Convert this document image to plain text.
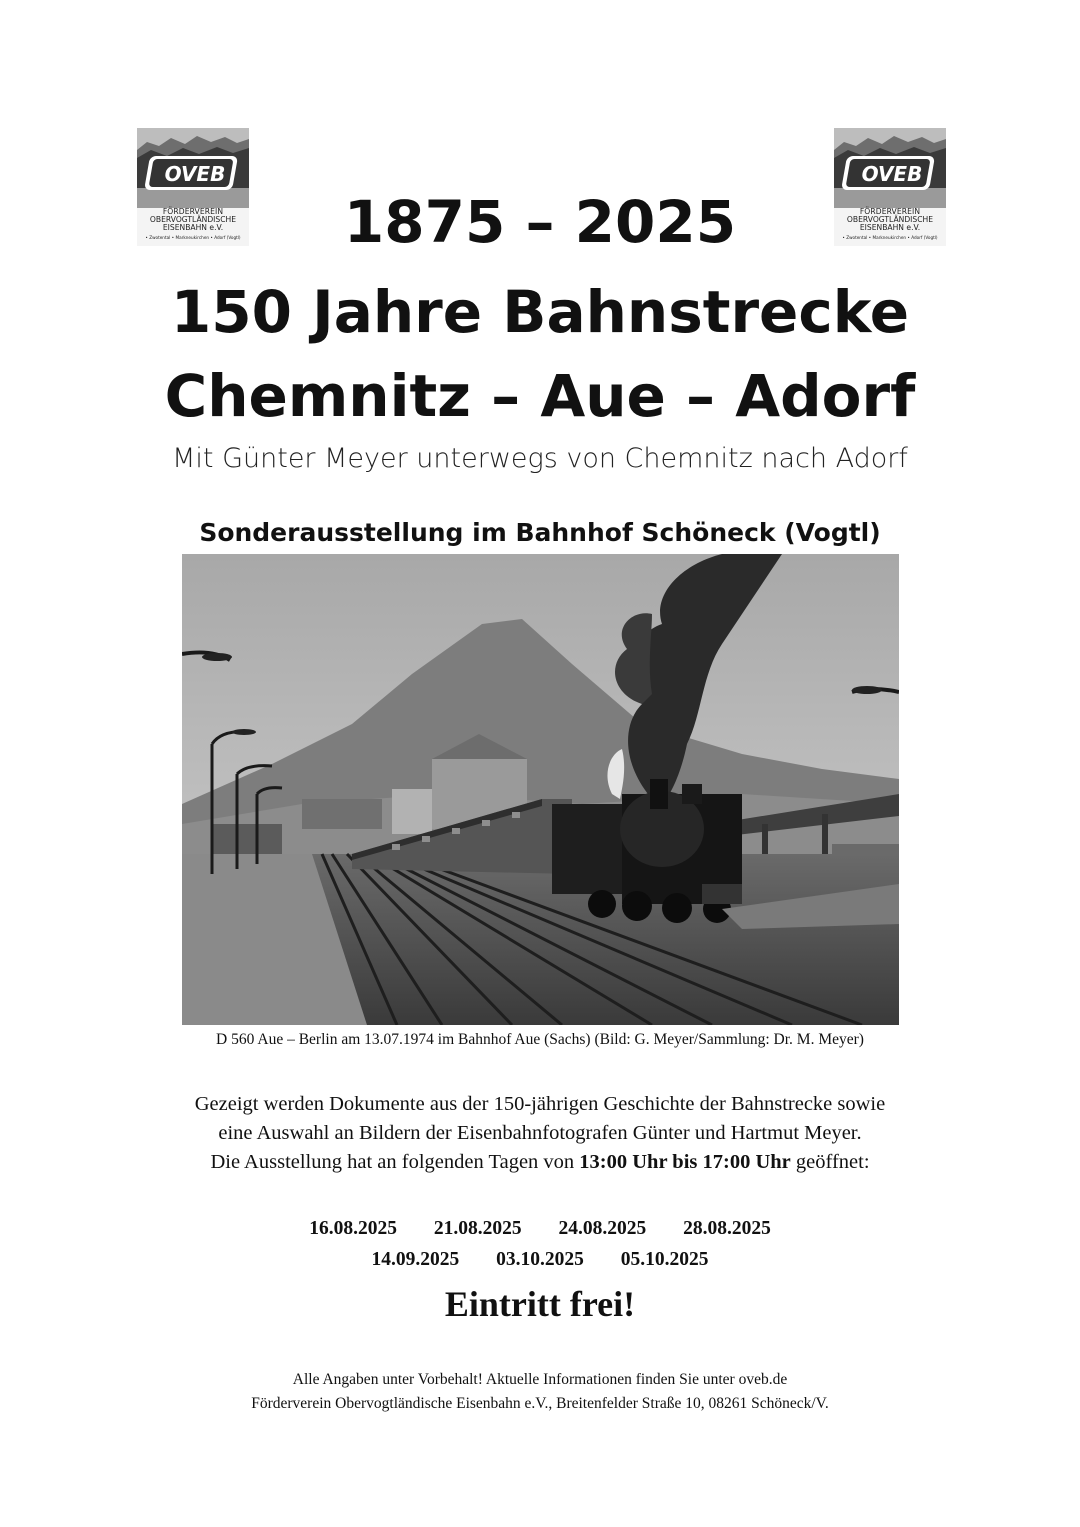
OVEB
FÖRDERVEREIN
OBERVOGTLÄNDISCHE
EISENBAHN e.V.
• Zwotental • Markneukirchen • Adorf (Vogtl)
OVEB
FÖRDERVEREIN
OBERVOGTLÄNDISCHE
EISENBAHN e.V.
• Zwotental • Markneukirchen • Adorf (Vogtl)
1875 – 2025
150 Jahre Bahnstrecke
Chemnitz – Aue – Adorf
Mit Günter Meyer unterwegs von Chemnitz nach Adorf
Sonderausstellung im Bahnhof Schöneck (Vogtl)
D 560 Aue – Berlin am 13.07.1974 im Bahnhof Aue (Sachs) (Bild: G. Meyer/Sammlung: Dr. M. Meyer)
Gezeigt werden Dokumente aus der 150-jährigen Geschichte der Bahnstrecke sowie
eine Auswahl an Bildern der Eisenbahnfotografen Günter und Hartmut Meyer.
Die Ausstellung hat an folgenden Tagen von 13:00 Uhr bis 17:00 Uhr geöffnet:
16.08.2025 21.08.2025 24.08.2025 28.08.2025
14.09.2025 03.10.2025 05.10.2025
Eintritt frei!
Alle Angaben unter Vorbehalt! Aktuelle Informationen finden Sie unter oveb.de
Förderverein Obervogtländische Eisenbahn e.V., Breitenfelder Straße 10, 08261 Schöneck/V.
